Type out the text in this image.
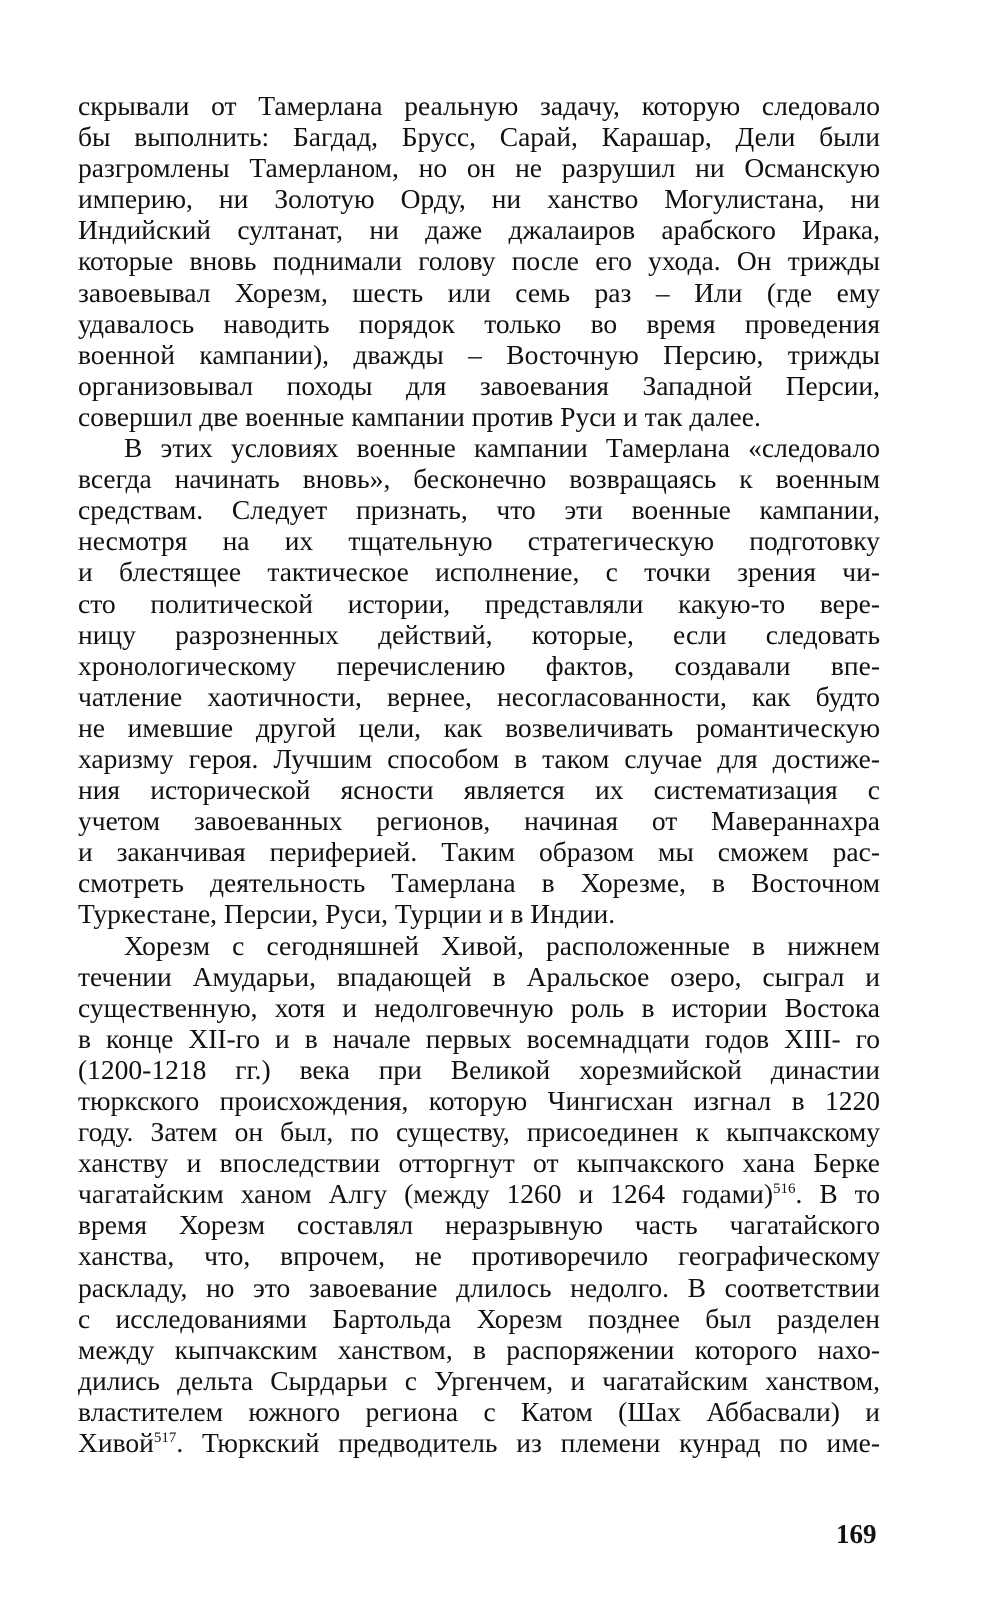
скрывали от Тамерлана реальную задачу, которую следовало
бы выполнить: Багдад, Брусс, Сарай, Карашар, Дели были
разгромлены Тамерланом, но он не разрушил ни Османскую
империю, ни Золотую Орду, ни ханство Могулистана, ни
Индийский султанат, ни даже джалаиров арабского Ирака,
которые вновь поднимали голову после его ухода. Он трижды
завоевывал Хорезм, шесть или семь раз – Или (где ему
удавалось наводить порядок только во время проведения
военной кампании), дважды – Восточную Персию, трижды
организовывал походы для завоевания Западной Персии,
совершил две военные кампании против Руси и так далее.
В этих условиях военные кампании Тамерлана «следовало
всегда начинать вновь», бесконечно возвращаясь к военным
средствам. Следует признать, что эти военные кампании,
несмотря на их тщательную стратегическую подготовку
и блестящее тактическое исполнение, с точки зрения чи-
сто политической истории, представляли какую-то вере-
ницу разрозненных действий, которые, если следовать
хронологическому перечислению фактов, создавали впе-
чатление хаотичности, вернее, несогласованности, как будто
не имевшие другой цели, как возвеличивать романтическую
харизму героя. Лучшим способом в таком случае для достиже-
ния исторической ясности является их систематизация с
учетом завоеванных регионов, начиная от Мавераннахра
и заканчивая периферией. Таким образом мы сможем рас-
смотреть деятельность Тамерлана в Хорезме, в Восточном
Туркестане, Персии, Руси, Турции и в Индии.
Хорезм с сегодняшней Хивой, расположенные в нижнем
течении Амударьи, впадающей в Аральское озеро, сыграл и
существенную, хотя и недолговечную роль в истории Востока
в конце XII-го и в начале первых восемнадцати годов XIII- го
(1200-1218 гг.) века при Великой хорезмийской династии
тюркского происхождения, которую Чингисхан изгнал в 1220
году. Затем он был, по существу, присоединен к кыпчакскому
ханству и впоследствии отторгнут от кыпчакского хана Берке
чагатайским ханом Алгу (между 1260 и 1264 годами)$^{516}$. В то
время Хорезм составлял неразрывную часть чагатайского
ханства, что, впрочем, не противоречило географическому
раскладу, но это завоевание длилось недолго. В соответствии
с исследованиями Бартольда Хорезм позднее был разделен
между кыпчакским ханством, в распоряжении которого нахо-
дились дельта Сырдарьи с Ургенчем, и чагатайским ханством,
властителем южного региона с Катом (Шах Аббасвали) и
Хивой$^{517}$. Тюркский предводитель из племени кунрад по име-
169
